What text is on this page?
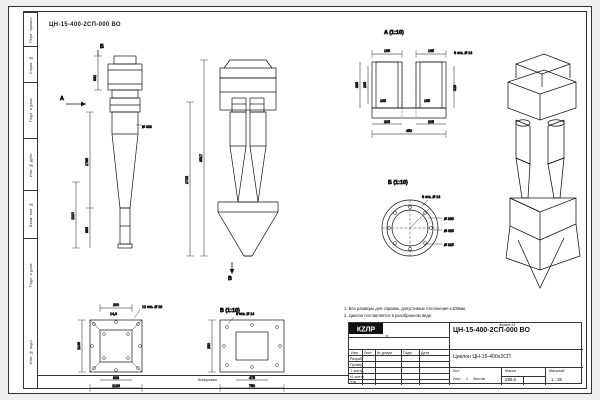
Перв. примен.
Справ. №
Подп. и дата
Инв. № дубл.
Взам. инв. №
Подп. и дата
Инв. № подл.
ЦН-15-400-2СП-000 ВО
662
1785
895
1110
Ø 408
Б
А
3517
2705
В
А (1:10)
165	165	8 отв. Ø 14
385 265	325
165	165
205	205
450
Б (1:10)
8 отв. Ø 14
Ø 385
Ø 425
Ø 325
В (1:10)
8 отв. Ø 14
250
475
750
200
14,0
12 отв. Ø 18
1146
606
1120
1. Все размеры для справок, допустимые отклонения ±100мм.
2. Циклон поставляется в разобранном виде.
Копировал
ЦН-15-400-2СП-000 ВО
Циклон ЦН-15-400х2СП
Изм. Лист № докум.	Подп. Дата
Разраб.
Провер.
Т. контр.
Н. контр.
Утв.
Лит.	Масса	Масштаб
285,6	1 : 25
Лист	Листов
1
КZЛР
ф
Формат А3
